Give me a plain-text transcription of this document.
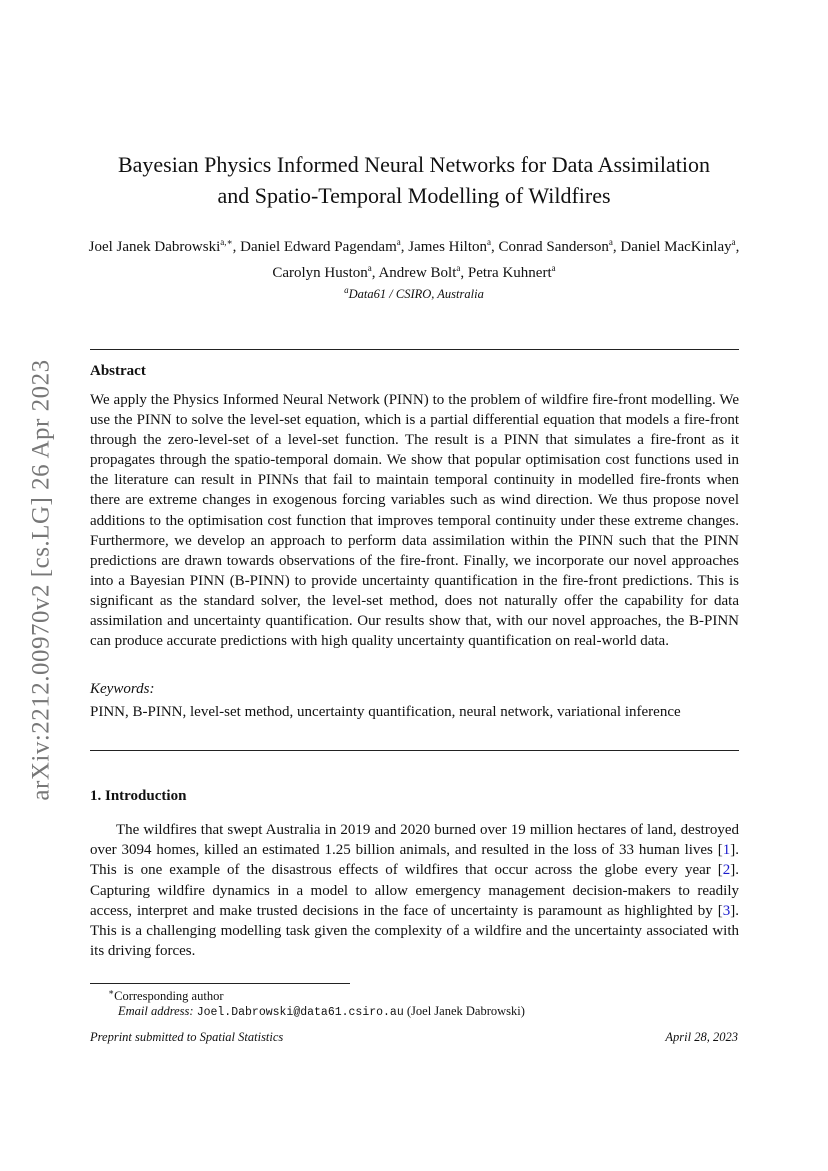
arXiv:2212.00970v2 [cs.LG] 26 Apr 2023
Bayesian Physics Informed Neural Networks for Data Assimilation
and Spatio-Temporal Modelling of Wildfires
Joel Janek Dabrowski$^{a,∗}$, Daniel Edward Pagendam$^a$, James Hilton$^a$, Conrad Sanderson$^a$, Daniel MacKinlay$^a$, Carolyn Huston$^a$, Andrew Bolt$^a$, Petra Kuhnert$^a$
$^a$Data61 / CSIRO, Australia
Abstract
We apply the Physics Informed Neural Network (PINN) to the problem of wildfire fire-front modelling. We use the PINN to solve the level-set equation, which is a partial differential equation that models a fire-front through the zero-level-set of a level-set function. The result is a PINN that simulates a fire-front as it propagates through the spatio-temporal domain. We show that popular optimisation cost functions used in the literature can result in PINNs that fail to maintain temporal continuity in modelled fire-fronts when there are extreme changes in exogenous forcing variables such as wind direction. We thus propose novel additions to the optimisation cost function that improves temporal continuity under these extreme changes. Furthermore, we develop an approach to perform data assimilation within the PINN such that the PINN predictions are drawn towards observations of the fire-front. Finally, we incorporate our novel approaches into a Bayesian PINN (B-PINN) to provide uncertainty quantification in the fire-front predictions. This is significant as the standard solver, the level-set method, does not naturally offer the capability for data assimilation and uncertainty quantification. Our results show that, with our novel approaches, the B-PINN can produce accurate predictions with high quality uncertainty quantification on real-world data.
Keywords:
PINN, B-PINN, level-set method, uncertainty quantification, neural network, variational inference
1. Introduction
The wildfires that swept Australia in 2019 and 2020 burned over 19 million hectares of land, destroyed over 3094 homes, killed an estimated 1.25 billion animals, and resulted in the loss of 33 human lives [1]. This is one example of the disastrous effects of wildfires that occur across the globe every year [2]. Capturing wildfire dynamics in a model to allow emergency management decision-makers to readily access, interpret and make trusted decisions in the face of uncertainty is paramount as highlighted by [3]. This is a challenging modelling task given the complexity of a wildfire and the uncertainty associated with its driving forces.
∗Corresponding author
Email address: Joel.Dabrowski@data61.csiro.au (Joel Janek Dabrowski)
Preprint submitted to Spatial Statistics	April 28, 2023
